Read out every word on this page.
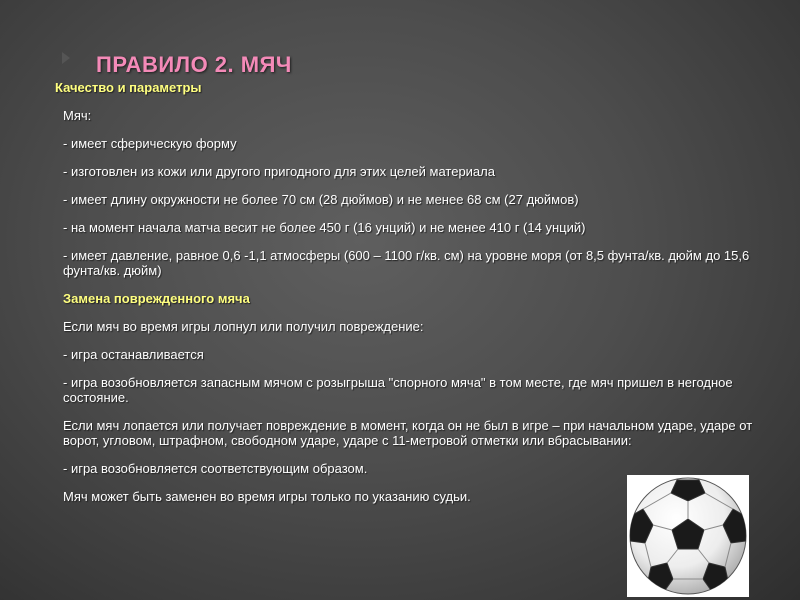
ПРАВИЛО 2. МЯЧ

Качество и параметры

Мяч:

- имеет сферическую форму

- изготовлен из кожи или другого пригодного для этих целей материала

- имеет длину окружности не более 70 см (28 дюймов) и не менее 68 см (27 дюймов)

- на момент начала матча весит не более 450 г (16 унций) и не менее 410 г (14 унций)

- имеет давление, равное 0,6 -1,1 атмосферы (600 – 1100 г/кв. см) на уровне моря (от 8,5 фунта/кв. дюйм до 15,6 фунта/кв. дюйм)

Замена поврежденного мяча

Если мяч во время игры лопнул или получил повреждение:

- игра останавливается

- игра возобновляется запасным мячом с розыгрыша "спорного мяча" в том месте, где мяч пришел в негодное состояние.

Если мяч лопается или получает повреждение в момент, когда он не был в игре – при начальном ударе, ударе от ворот, угловом, штрафном, свободном ударе, ударе с 11-метровой отметки или вбрасывании:

- игра возобновляется соответствующим образом.

Мяч может быть заменен во время игры только по указанию судьи.
